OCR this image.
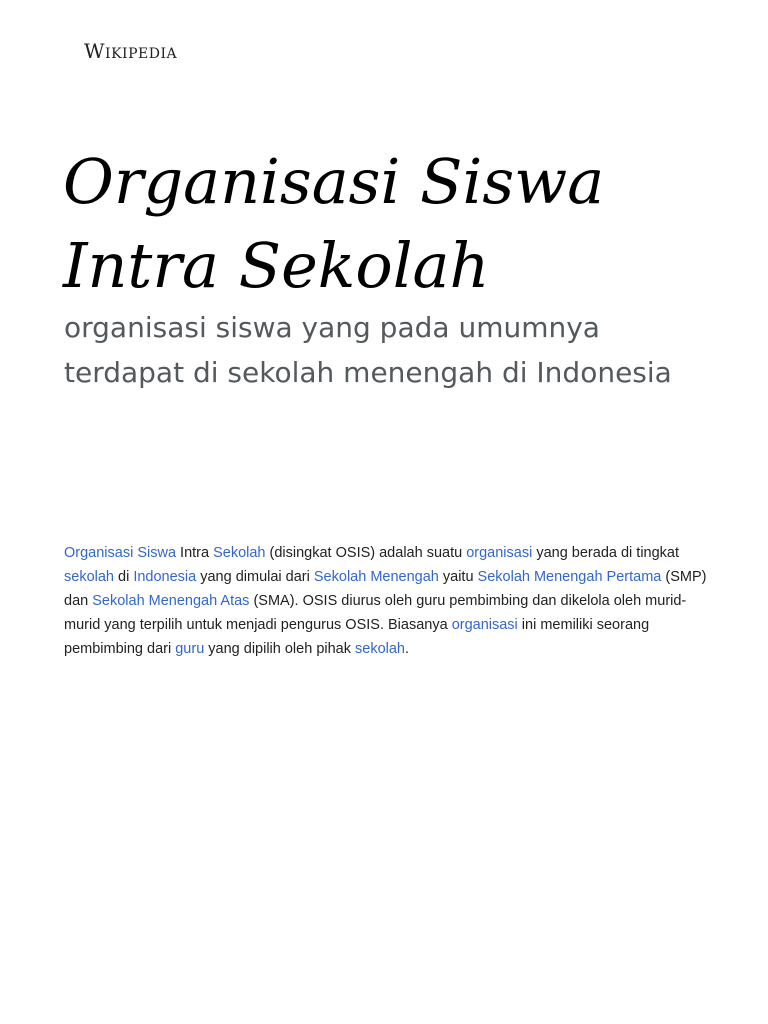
Wikipedia
Organisasi Siswa
Intra Sekolah

organisasi siswa yang pada umumnya terdapat di sekolah menengah di Indonesia

Organisasi Siswa Intra Sekolah (disingkat OSIS) adalah suatu organisasi yang berada di tingkat sekolah di Indonesia yang dimulai dari Sekolah Menengah yaitu Sekolah Menengah Pertama (SMP) dan Sekolah Menengah Atas (SMA). OSIS diurus oleh guru pembimbing dan dikelola oleh murid-murid yang terpilih untuk menjadi pengurus OSIS. Biasanya organisasi ini memiliki seorang pembimbing dari guru yang dipilih oleh pihak sekolah.
